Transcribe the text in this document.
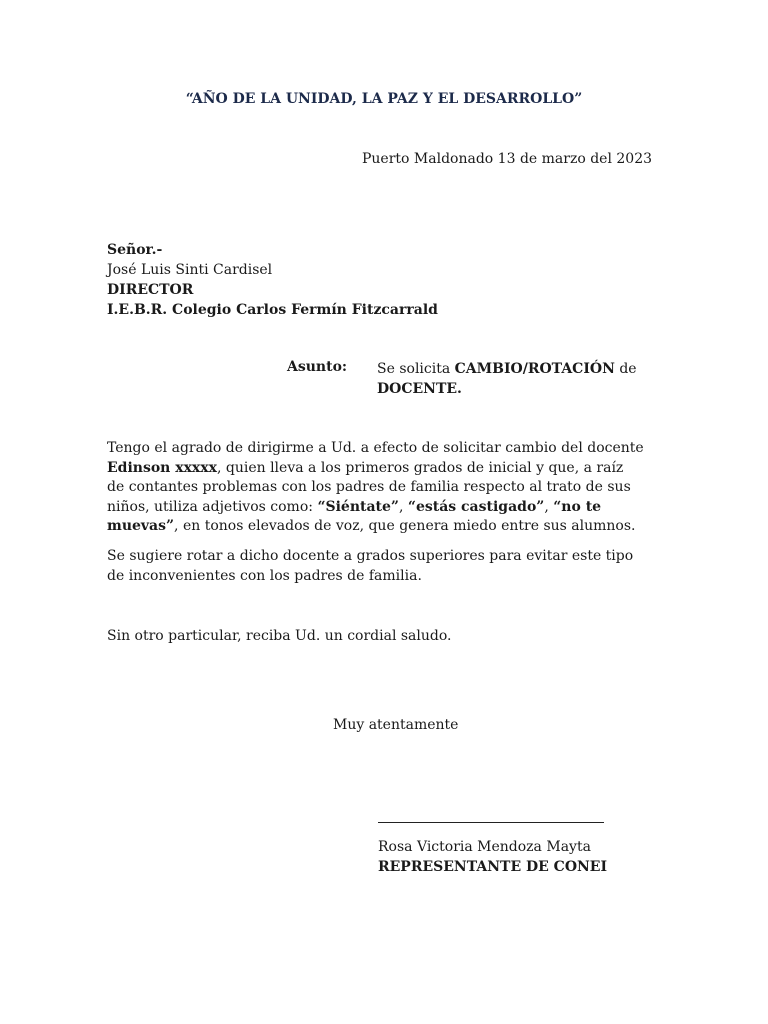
“AÑO DE LA UNIDAD, LA PAZ Y EL DESARROLLO”
Puerto Maldonado 13 de marzo del 2023
Señor.-
José Luis Sinti Cardisel
DIRECTOR
I.E.B.R. Colegio Carlos Fermín Fitzcarrald
Asunto: Se solicita CAMBIO/ROTACIÓN de
DOCENTE.

Tengo el agrado de dirigirme a Ud. a efecto de solicitar cambio del docente

Edinson xxxxx, quien lleva a los primeros grados de inicial y que, a raíz

de contantes problemas con los padres de familia respecto al trato de sus

niños, utiliza adjetivos como: “Siéntate”, “estás castigado”, “no te

muevas”, en tonos elevados de voz, que genera miedo entre sus alumnos.

Se sugiere rotar a dicho docente a grados superiores para evitar este tipo

de inconvenientes con los padres de familia.

Sin otro particular, reciba Ud. un cordial saludo.
Muy atentamente
Rosa Victoria Mendoza Mayta
REPRESENTANTE DE CONEI
